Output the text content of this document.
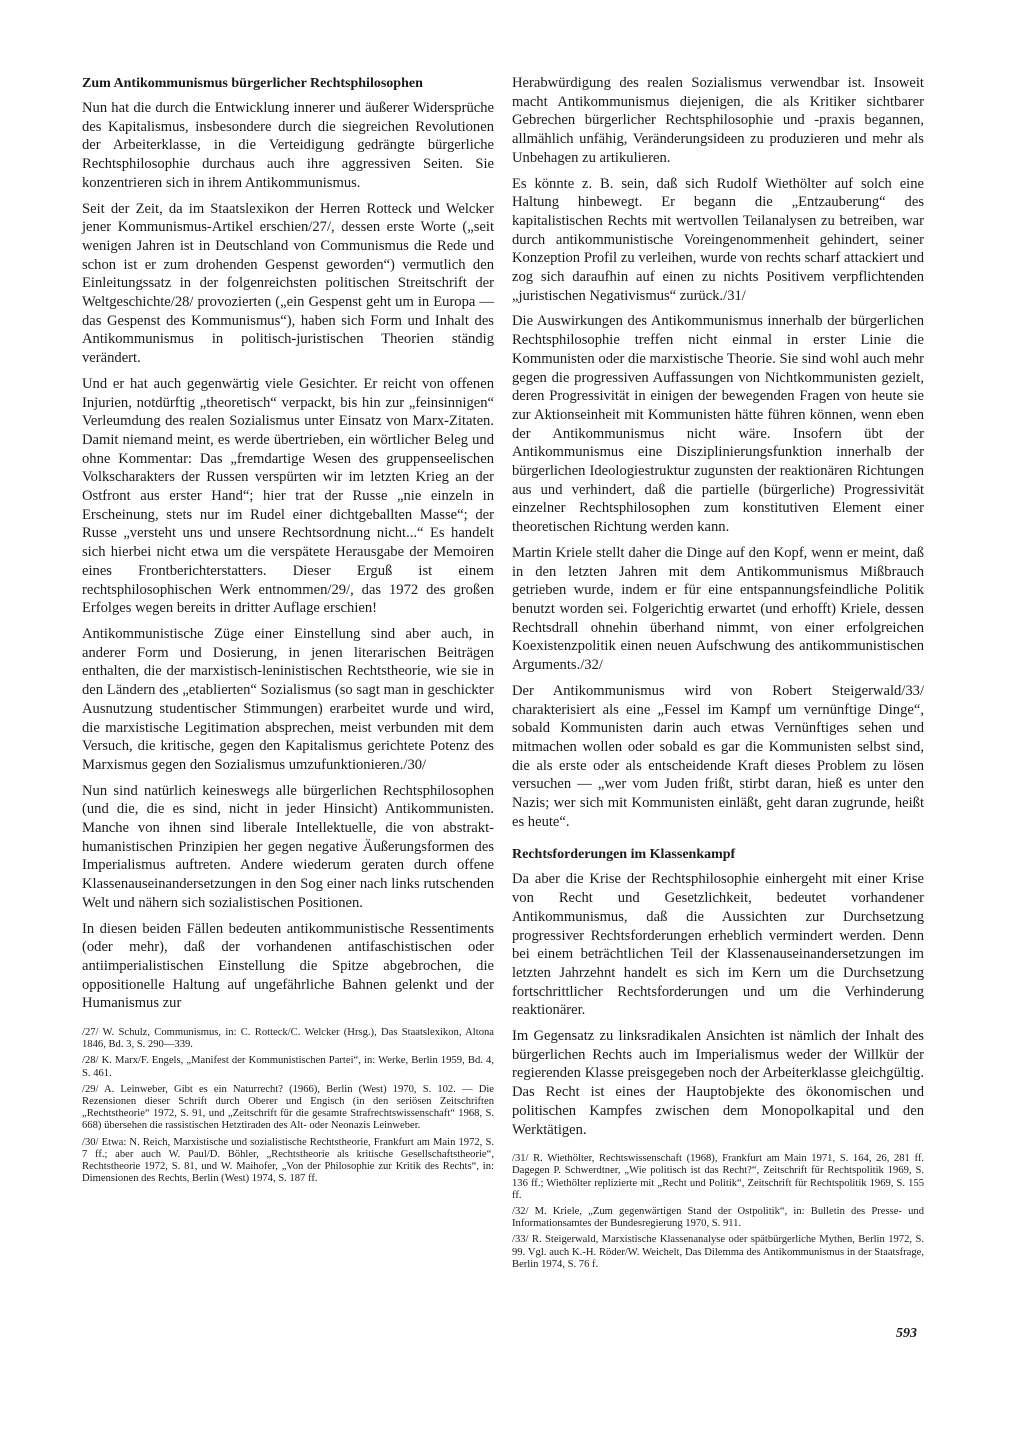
Zum Antikommunismus bürgerlicher Rechtsphilosophen

Nun hat die durch die Entwicklung innerer und äußerer Widersprüche des Kapitalismus, insbesondere durch die siegreichen Revolutionen der Arbeiterklasse, in die Verteidigung gedrängte bürgerliche Rechtsphilosophie durchaus auch ihre aggressiven Seiten. Sie konzentrieren sich in ihrem Antikommunismus.

Seit der Zeit, da im Staatslexikon der Herren Rotteck und Welcker jener Kommunismus-Artikel erschien/27/, dessen erste Worte („seit wenigen Jahren ist in Deutschland von Communismus die Rede und schon ist er zum drohenden Gespenst geworden“) vermutlich den Einleitungssatz in der folgenreichsten politischen Streitschrift der Weltgeschichte/28/ provozierten („ein Gespenst geht um in Europa — das Gespenst des Kommunismus“), haben sich Form und Inhalt des Antikommunismus in politisch-juristischen Theorien ständig verändert.

Und er hat auch gegenwärtig viele Gesichter. Er reicht von offenen Injurien, notdürftig „theoretisch“ verpackt, bis hin zur „feinsinnigen“ Verleumdung des realen Sozialismus unter Einsatz von Marx-Zitaten. Damit niemand meint, es werde übertrieben, ein wörtlicher Beleg und ohne Kommentar: Das „fremdartige Wesen des gruppenseelischen Volkscharakters der Russen verspürten wir im letzten Krieg an der Ostfront aus erster Hand“; hier trat der Russe „nie einzeln in Erscheinung, stets nur im Rudel einer dichtgeballten Masse“; der Russe „versteht uns und unsere Rechtsordnung nicht...“ Es handelt sich hierbei nicht etwa um die verspätete Herausgabe der Memoiren eines Frontberichterstatters. Dieser Erguß ist einem rechtsphilosophischen Werk entnommen/29/, das 1972 des großen Erfolges wegen bereits in dritter Auflage erschien!

Antikommunistische Züge einer Einstellung sind aber auch, in anderer Form und Dosierung, in jenen literarischen Beiträgen enthalten, die der marxistisch-leninistischen Rechtstheorie, wie sie in den Ländern des „etablierten“ Sozialismus (so sagt man in geschickter Ausnutzung studentischer Stimmungen) erarbeitet wurde und wird, die marxistische Legitimation absprechen, meist verbunden mit dem Versuch, die kritische, gegen den Kapitalismus gerichtete Potenz des Marxismus gegen den Sozialismus umzufunktionieren./30/

Nun sind natürlich keineswegs alle bürgerlichen Rechtsphilosophen (und die, die es sind, nicht in jeder Hinsicht) Antikommunisten. Manche von ihnen sind liberale Intellektuelle, die von abstrakt-humanistischen Prinzipien her gegen negative Äußerungsformen des Imperialismus auftreten. Andere wiederum geraten durch offene Klassenauseinandersetzungen in den Sog einer nach links rutschenden Welt und nähern sich sozialistischen Positionen.

In diesen beiden Fällen bedeuten antikommunistische Ressentiments (oder mehr), daß der vorhandenen antifaschistischen oder antiimperialistischen Einstellung die Spitze abgebrochen, die oppositionelle Haltung auf ungefährliche Bahnen gelenkt und der Humanismus zur

/27/ W. Schulz, Communismus, in: C. Rotteck/C. Welcker (Hrsg.), Das Staatslexikon, Altona 1846, Bd. 3, S. 290—339.

/28/ K. Marx/F. Engels, „Manifest der Kommunistischen Partei“, in: Werke, Berlin 1959, Bd. 4, S. 461.

/29/ A. Leinweber, Gibt es ein Naturrecht? (1966), Berlin (West) 1970, S. 102. — Die Rezensionen dieser Schrift durch Oberer und Engisch (in den seriösen Zeitschriften „Rechtstheorie“ 1972, S. 91, und „Zeitschrift für die gesamte Strafrechtswissenschaft“ 1968, S. 668) übersehen die rassistischen Hetztiraden des Alt- oder Neonazis Leinweber.

/30/ Etwa: N. Reich, Marxistische und sozialistische Rechtstheorie, Frankfurt am Main 1972, S. 7 ff.; aber auch W. Paul/D. Böhler, „Rechtstheorie als kritische Gesellschaftstheorie“, Rechtstheorie 1972, S. 81, und W. Maihofer, „Von der Philosophie zur Kritik des Rechts“, in: Dimensionen des Rechts, Berlin (West) 1974, S. 187 ff.

Herabwürdigung des realen Sozialismus verwendbar ist. Insoweit macht Antikommunismus diejenigen, die als Kritiker sichtbarer Gebrechen bürgerlicher Rechtsphilosophie und -praxis begannen, allmählich unfähig, Veränderungsideen zu produzieren und mehr als Unbehagen zu artikulieren.

Es könnte z. B. sein, daß sich Rudolf Wiethölter auf solch eine Haltung hinbewegt. Er begann die „Entzauberung“ des kapitalistischen Rechts mit wertvollen Teilanalysen zu betreiben, war durch antikommunistische Voreingenommenheit gehindert, seiner Konzeption Profil zu verleihen, wurde von rechts scharf attackiert und zog sich daraufhin auf einen zu nichts Positivem verpflichtenden „juristischen Negativismus“ zurück./31/

Die Auswirkungen des Antikommunismus innerhalb der bürgerlichen Rechtsphilosophie treffen nicht einmal in erster Linie die Kommunisten oder die marxistische Theorie. Sie sind wohl auch mehr gegen die progressiven Auffassungen von Nichtkommunisten gezielt, deren Progressivität in einigen der bewegenden Fragen von heute sie zur Aktionseinheit mit Kommunisten hätte führen können, wenn eben der Antikommunismus nicht wäre. Insofern übt der Antikommunismus eine Disziplinierungsfunktion innerhalb der bürgerlichen Ideologiestruktur zugunsten der reaktionären Richtungen aus und verhindert, daß die partielle (bürgerliche) Progressivität einzelner Rechtsphilosophen zum konstitutiven Element einer theoretischen Richtung werden kann.

Martin Kriele stellt daher die Dinge auf den Kopf, wenn er meint, daß in den letzten Jahren mit dem Antikommunismus Mißbrauch getrieben wurde, indem er für eine entspannungsfeindliche Politik benutzt worden sei. Folgerichtig erwartet (und erhofft) Kriele, dessen Rechtsdrall ohnehin überhand nimmt, von einer erfolgreichen Koexistenzpolitik einen neuen Aufschwung des antikommunistischen Arguments./32/

Der Antikommunismus wird von Robert Steigerwald/33/ charakterisiert als eine „Fessel im Kampf um vernünftige Dinge“, sobald Kommunisten darin auch etwas Vernünftiges sehen und mitmachen wollen oder sobald es gar die Kommunisten selbst sind, die als erste oder als entscheidende Kraft dieses Problem zu lösen versuchen — „wer vom Juden frißt, stirbt daran, hieß es unter den Nazis; wer sich mit Kommunisten einläßt, geht daran zugrunde, heißt es heute“.

Rechtsforderungen im Klassenkampf

Da aber die Krise der Rechtsphilosophie einhergeht mit einer Krise von Recht und Gesetzlichkeit, bedeutet vorhandener Antikommunismus, daß die Aussichten zur Durchsetzung progressiver Rechtsforderungen erheblich vermindert werden. Denn bei einem beträchtlichen Teil der Klassenauseinandersetzungen im letzten Jahrzehnt handelt es sich im Kern um die Durchsetzung fortschrittlicher Rechtsforderungen und um die Verhinderung reaktionärer.

Im Gegensatz zu linksradikalen Ansichten ist nämlich der Inhalt des bürgerlichen Rechts auch im Imperialismus weder der Willkür der regierenden Klasse preisgegeben noch der Arbeiterklasse gleichgültig. Das Recht ist eines der Hauptobjekte des ökonomischen und politischen Kampfes zwischen dem Monopolkapital und den Werktätigen.

/31/ R. Wiethölter, Rechtswissenschaft (1968), Frankfurt am Main 1971, S. 164, 26, 281 ff. Dagegen P. Schwerdtner, „Wie politisch ist das Recht?“, Zeitschrift für Rechtspolitik 1969, S. 136 ff.; Wiethölter replizierte mit „Recht und Politik“, Zeitschrift für Rechtspolitik 1969, S. 155 ff.

/32/ M. Kriele, „Zum gegenwärtigen Stand der Ostpolitik“, in: Bulletin des Presse- und Informationsamtes der Bundesregierung 1970, S. 911.

/33/ R. Steigerwald, Marxistische Klassenanalyse oder spätbürgerliche Mythen, Berlin 1972, S. 99. Vgl. auch K.-H. Röder/W. Weichelt, Das Dilemma des Antikommunismus in der Staatsfrage, Berlin 1974, S. 76 f.

593
